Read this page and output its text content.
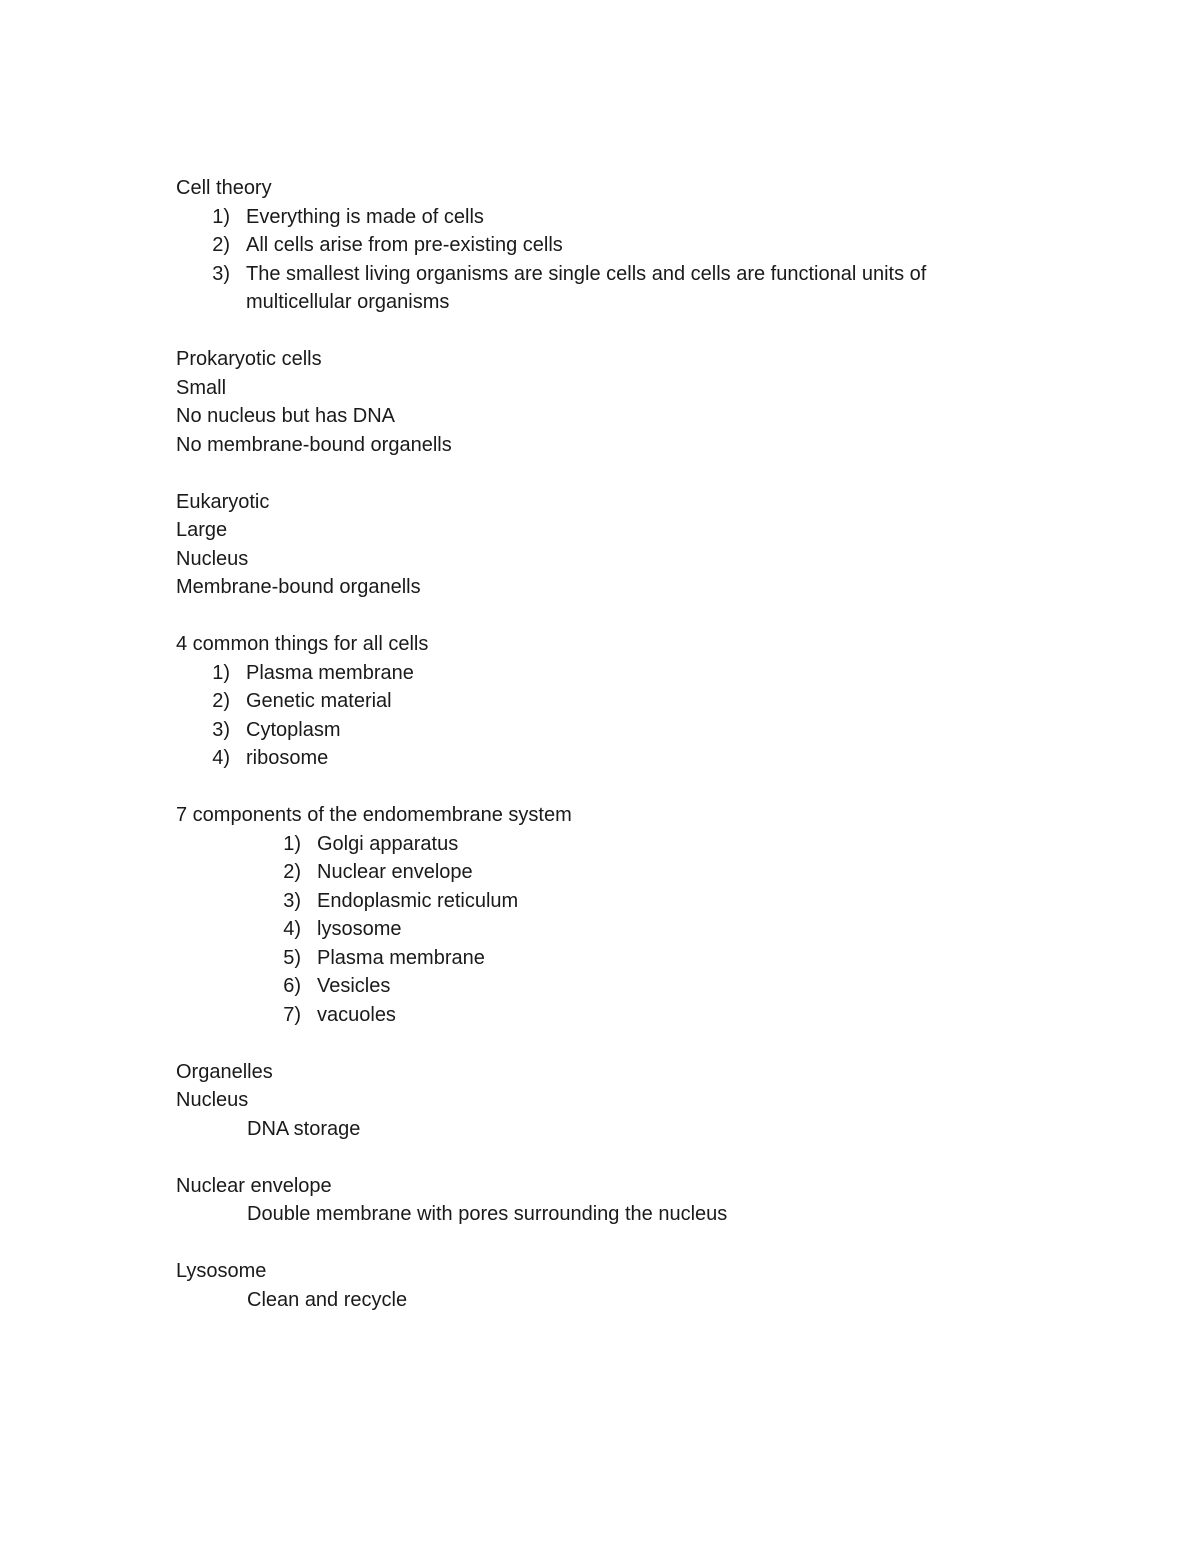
Cell theory
1) Everything is made of cells
2) All cells arise from pre-existing cells
3) The smallest living organisms are single cells and cells are functional units of multicellular organisms
Prokaryotic cells
Small
No nucleus but has DNA
No membrane-bound organells
Eukaryotic
Large
Nucleus
Membrane-bound organells
4 common things for all cells
1) Plasma membrane
2) Genetic material
3) Cytoplasm
4) ribosome
7 components of the endomembrane system
1) Golgi apparatus
2) Nuclear envelope
3) Endoplasmic reticulum
4) lysosome
5) Plasma membrane
6) Vesicles
7) vacuoles
Organelles
Nucleus
DNA storage
Nuclear envelope
Double membrane with pores surrounding the nucleus
Lysosome
Clean and recycle
